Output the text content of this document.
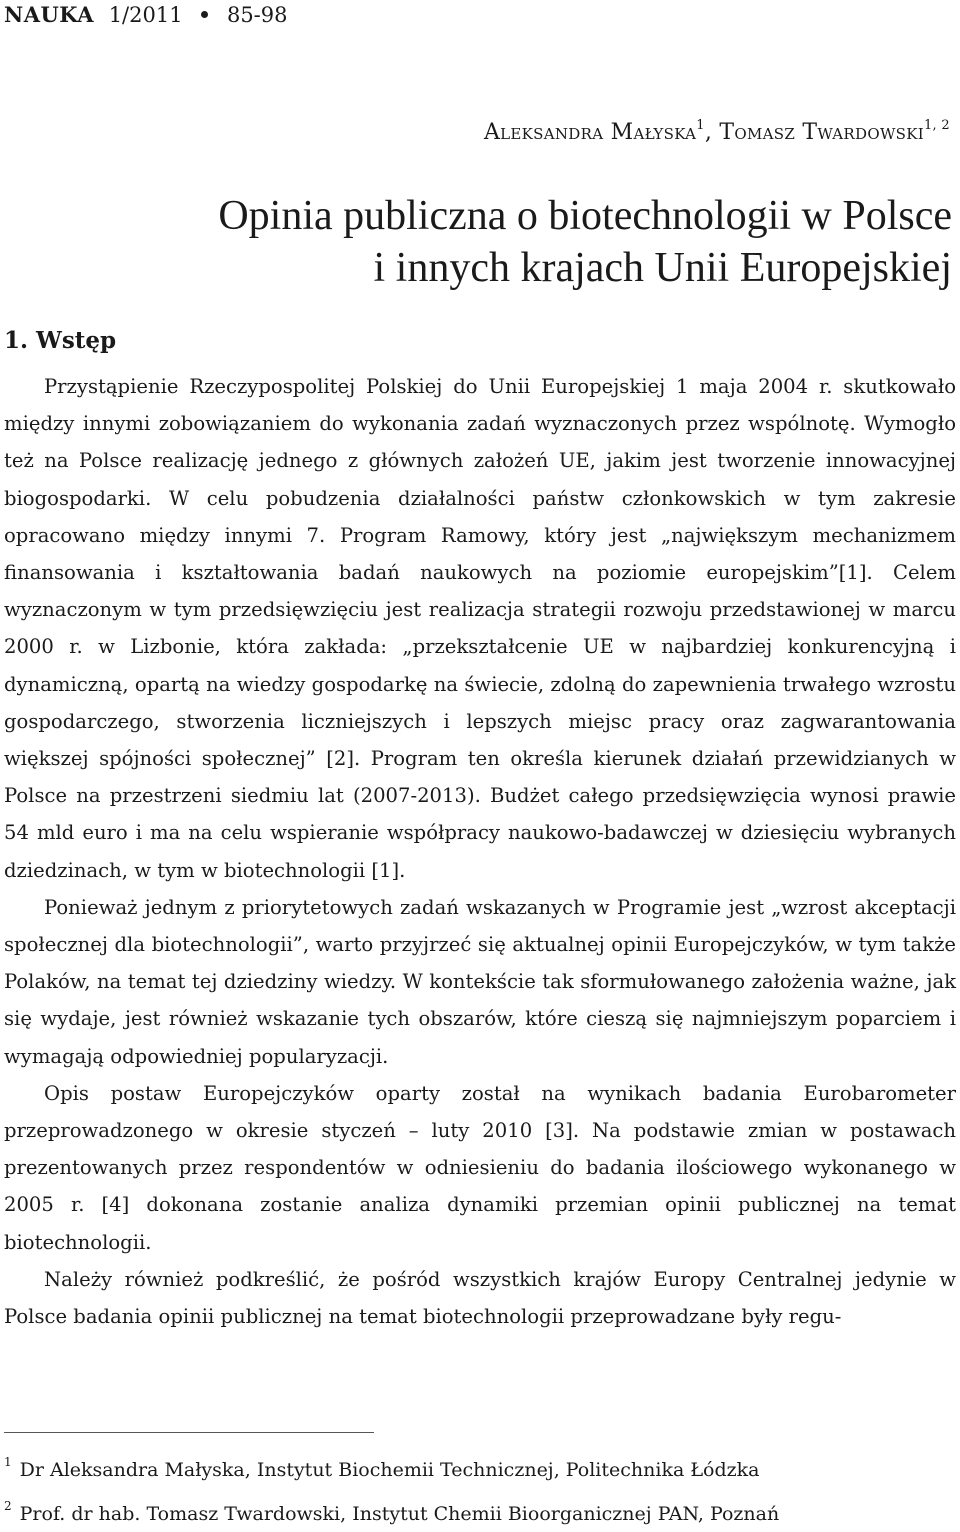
NAUKA 1/2011 85-98
Aleksandra Małyska$^1$, Tomasz Twardowski$^{1, 2}$
Opinia publiczna o biotechnologii w Polsce
i innych krajach Unii Europejskiej
1. Wstęp

Przystąpienie Rzeczypospolitej Polskiej do Unii Europejskiej 1 maja 2004 r. skutkowało między innymi zobowiązaniem do wykonania zadań wyznaczonych przez wspólnotę. Wymogło też na Polsce realizację jednego z głównych założeń UE, jakim jest tworzenie innowacyjnej biogospodarki. W celu pobudzenia działalności państw członkowskich w tym zakresie opracowano między innymi 7. Program Ramowy, który jest „największym mechanizmem finansowania i kształtowania badań naukowych na poziomie europejskim”[1]. Celem wyznaczonym w tym przedsięwzięciu jest realizacja strategii rozwoju przedstawionej w marcu 2000 r. w Lizbonie, która zakłada: „przekształcenie UE w najbardziej konkurencyjną i dynamiczną, opartą na wiedzy gospodarkę na świecie, zdolną do zapewnienia trwałego wzrostu gospodarczego, stworzenia liczniejszych i lepszych miejsc pracy oraz zagwarantowania większej spójności społecznej” [2]. Program ten określa kierunek działań przewidzianych w Polsce na przestrzeni siedmiu lat (2007-2013). Budżet całego przedsięwzięcia wynosi prawie 54 mld euro i ma na celu wspieranie współpracy naukowo-badawczej w dziesięciu wybranych dziedzinach, w tym w biotechnologii [1].

Ponieważ jednym z priorytetowych zadań wskazanych w Programie jest „wzrost akceptacji społecznej dla biotechnologii”, warto przyjrzeć się aktualnej opinii Europejczyków, w tym także Polaków, na temat tej dziedziny wiedzy. W kontekście tak sformułowanego założenia ważne, jak się wydaje, jest również wskazanie tych obszarów, które cieszą się najmniejszym poparciem i wymagają odpowiedniej popularyzacji.

Opis postaw Europejczyków oparty został na wynikach badania Eurobarometer przeprowadzonego w okresie styczeń – luty 2010 [3]. Na podstawie zmian w postawach prezentowanych przez respondentów w odniesieniu do badania ilościowego wykonanego w 2005 r. [4] dokonana zostanie analiza dynamiki przemian opinii publicznej na temat biotechnologii.

Należy również podkreślić, że pośród wszystkich krajów Europy Centralnej jedynie w Polsce badania opinii publicznej na temat biotechnologii przeprowadzane były regu-

$^1$ Dr Aleksandra Małyska, Instytut Biochemii Technicznej, Politechnika Łódzka
$^2$ Prof. dr hab. Tomasz Twardowski, Instytut Chemii Bioorganicznej PAN, Poznań
